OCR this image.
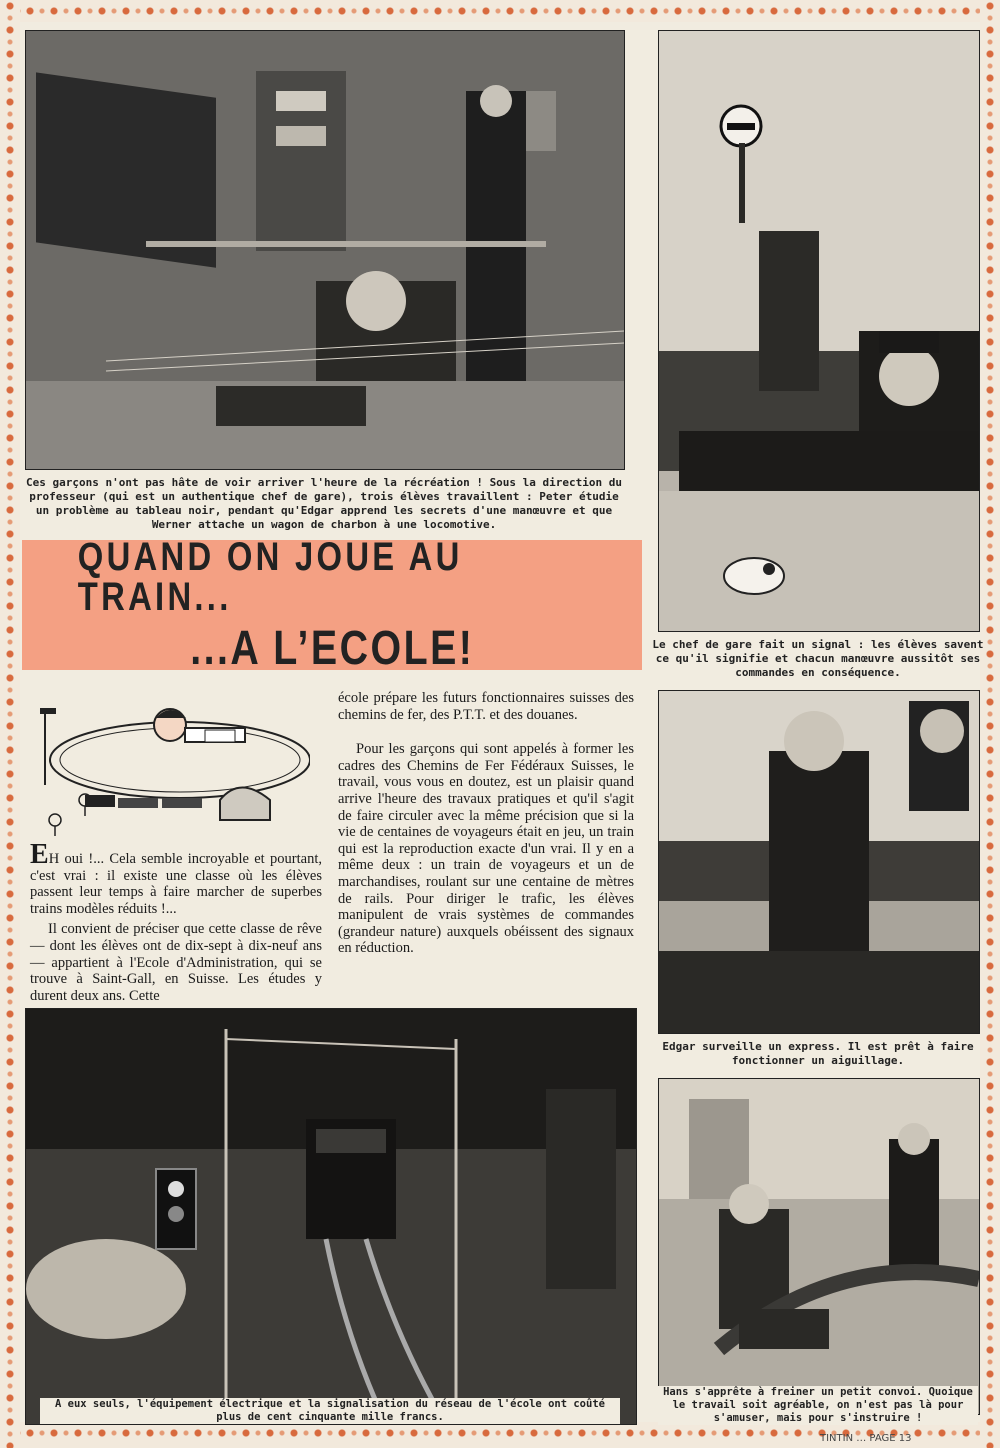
Ces garçons n'ont pas hâte de voir arriver l'heure de la récréation ! Sous la direction du professeur (qui est un authentique chef de gare), trois élèves travaillent : Peter étudie un problème au tableau noir, pendant qu'Edgar apprend les secrets d'une manœuvre et que Werner attache un wagon de charbon à une locomotive.

Le chef de gare fait un signal : les élèves savent ce qu'il signifie et chacun manœuvre aussitôt ses commandes en conséquence.

QUAND ON JOUE AU TRAIN...

...A L’ECOLE!

EH oui !... Cela semble incroyable et pourtant, c'est vrai : il existe une classe où les élèves passent leur temps à faire marcher de superbes trains modèles réduits !...

Il convient de préciser que cette classe de rêve — dont les élèves ont de dix-sept à dix-neuf ans — appartient à l'Ecole d'Administration, qui se trouve à Saint-Gall, en Suisse. Les études y durent deux ans. Cette

école prépare les futurs fonctionnaires suisses des chemins de fer, des P.T.T. et des douanes.

Pour les garçons qui sont appelés à former les cadres des Chemins de Fer Fédéraux Suisses, le travail, vous vous en doutez, est un plaisir quand arrive l'heure des travaux pratiques et qu'il s'agit de faire circuler avec la même précision que si la vie de centaines de voyageurs était en jeu, un train qui est la reproduction exacte d'un vrai. Il y en a même deux : un train de voyageurs et un de marchandises, roulant sur une centaine de mètres de rails. Pour diriger le trafic, les élèves manipulent de vrais systèmes de commandes (grandeur nature) auxquels obéissent des signaux en réduction.

Edgar surveille un express. Il est prêt à faire fonctionner un aiguillage.

A eux seuls, l'équipement électrique et la signalisation du réseau de l'école ont coûté plus de cent cinquante mille francs.

Hans s'apprête à freiner un petit convoi. Quoique le travail soit agréable, on n'est pas là pour s'amuser, mais pour s'instruire !

TINTIN … PAGE 13
